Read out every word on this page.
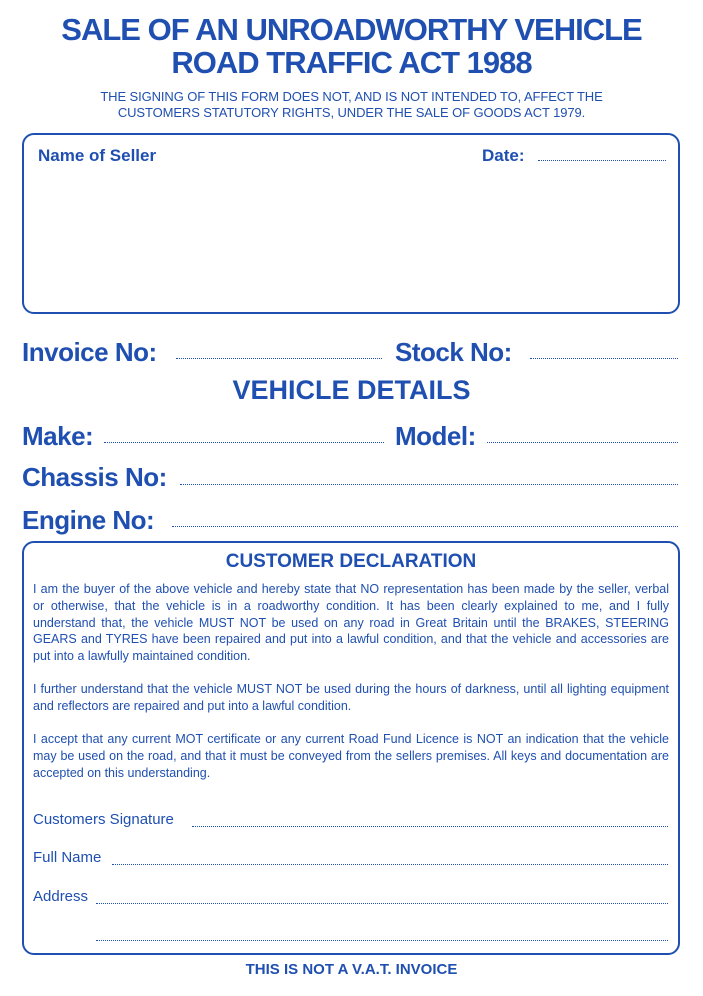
SALE OF AN UNROADWORTHY VEHICLE
ROAD TRAFFIC ACT 1988
THE SIGNING OF THIS FORM DOES NOT, AND IS NOT INTENDED TO, AFFECT THE
CUSTOMERS STATUTORY RIGHTS, UNDER THE SALE OF GOODS ACT 1979.
Name of Seller	Date:
Invoice No:	Stock No:
VEHICLE DETAILS
Make:	Model:
Chassis No:
Engine No:
CUSTOMER DECLARATION
I am the buyer of the above vehicle and hereby state that NO representation has been made by the seller, verbal or otherwise, that the vehicle is in a roadworthy condition. It has been clearly explained to me, and I fully understand that, the vehicle MUST NOT be used on any road in Great Britain until the BRAKES, STEERING GEARS and TYRES have been repaired and put into a lawful condition, and that the vehicle and accessories are put into a lawfully maintained condition.
I further understand that the vehicle MUST NOT be used during the hours of darkness, until all lighting equipment and reflectors are repaired and put into a lawful condition.
I accept that any current MOT certificate or any current Road Fund Licence is NOT an indication that the vehicle may be used on the road, and that it must be conveyed from the sellers premises. All keys and documentation are accepted on this understanding.
Customers Signature
Full Name
Address
THIS IS NOT A V.A.T. INVOICE
